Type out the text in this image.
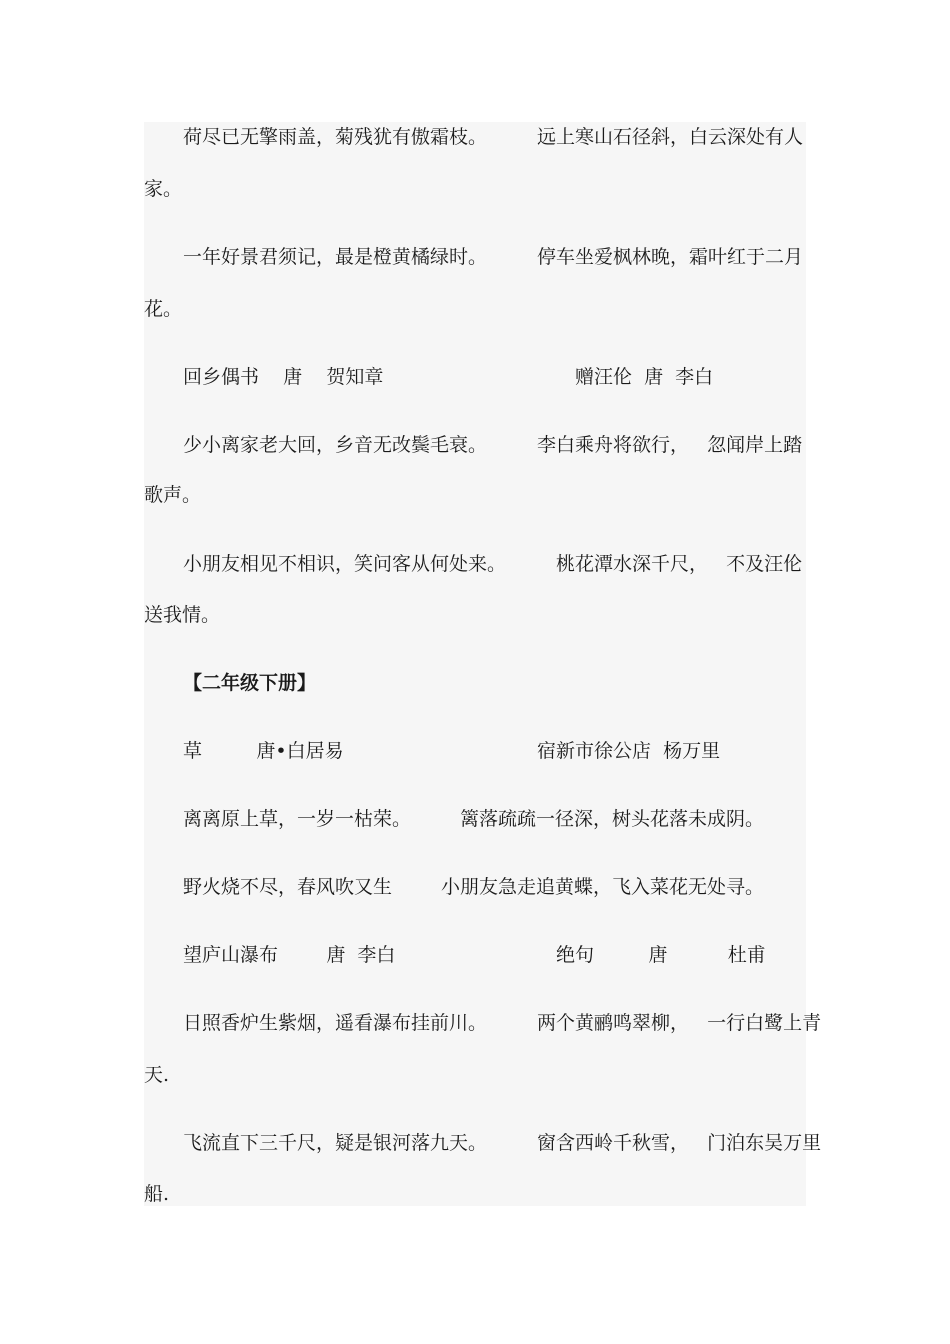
荷尽已无擎雨盖，菊残犹有傲霜枝。	远上寒山石径斜，白云深处有人
家。
一年好景君须记，最是橙黄橘绿时。	停车坐爱枫林晚，霜叶红于二月
花。
回乡偶书    唐    贺知章	赠汪伦  唐  李白
少小离家老大回，乡音无改鬓毛衰。	李白乘舟将欲行，   忽闻岸上踏
歌声。
小朋友相见不相识，笑问客从何处来。	桃花潭水深千尺，   不及汪伦
送我情。
【二年级下册】
草         唐•白居易	宿新市徐公店  杨万里
离离原上草，一岁一枯荣。	篱落疏疏一径深，树头花落未成阴。
野火烧不尽，春风吹又生	小朋友急走追黄蝶，飞入菜花无处寻。
望庐山瀑布        唐  李白	绝句         唐          杜甫
日照香炉生紫烟，遥看瀑布挂前川。	两个黄鹂鸣翠柳，   一行白鹭上青
天.
飞流直下三千尺，疑是银河落九天。	窗含西岭千秋雪，   门泊东吴万里
船.
